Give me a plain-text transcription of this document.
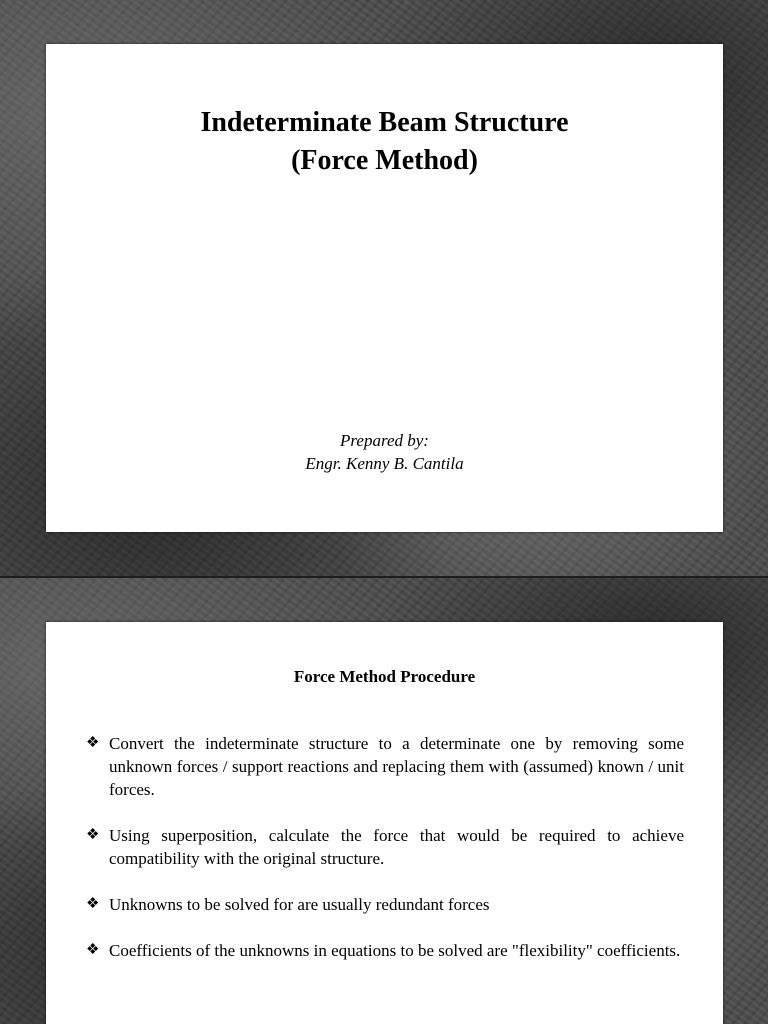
Indeterminate Beam Structure
(Force Method)
Prepared by:
Engr. Kenny B. Cantila
Force Method Procedure
❖ Convert the indeterminate structure to a determinate one by removing some unknown forces / support reactions and replacing them with (assumed) known / unit forces.
❖ Using superposition, calculate the force that would be required to achieve compatibility with the original structure.
❖ Unknowns to be solved for are usually redundant forces
❖ Coefficients of the unknowns in equations to be solved are "flexibility" coefficients.
